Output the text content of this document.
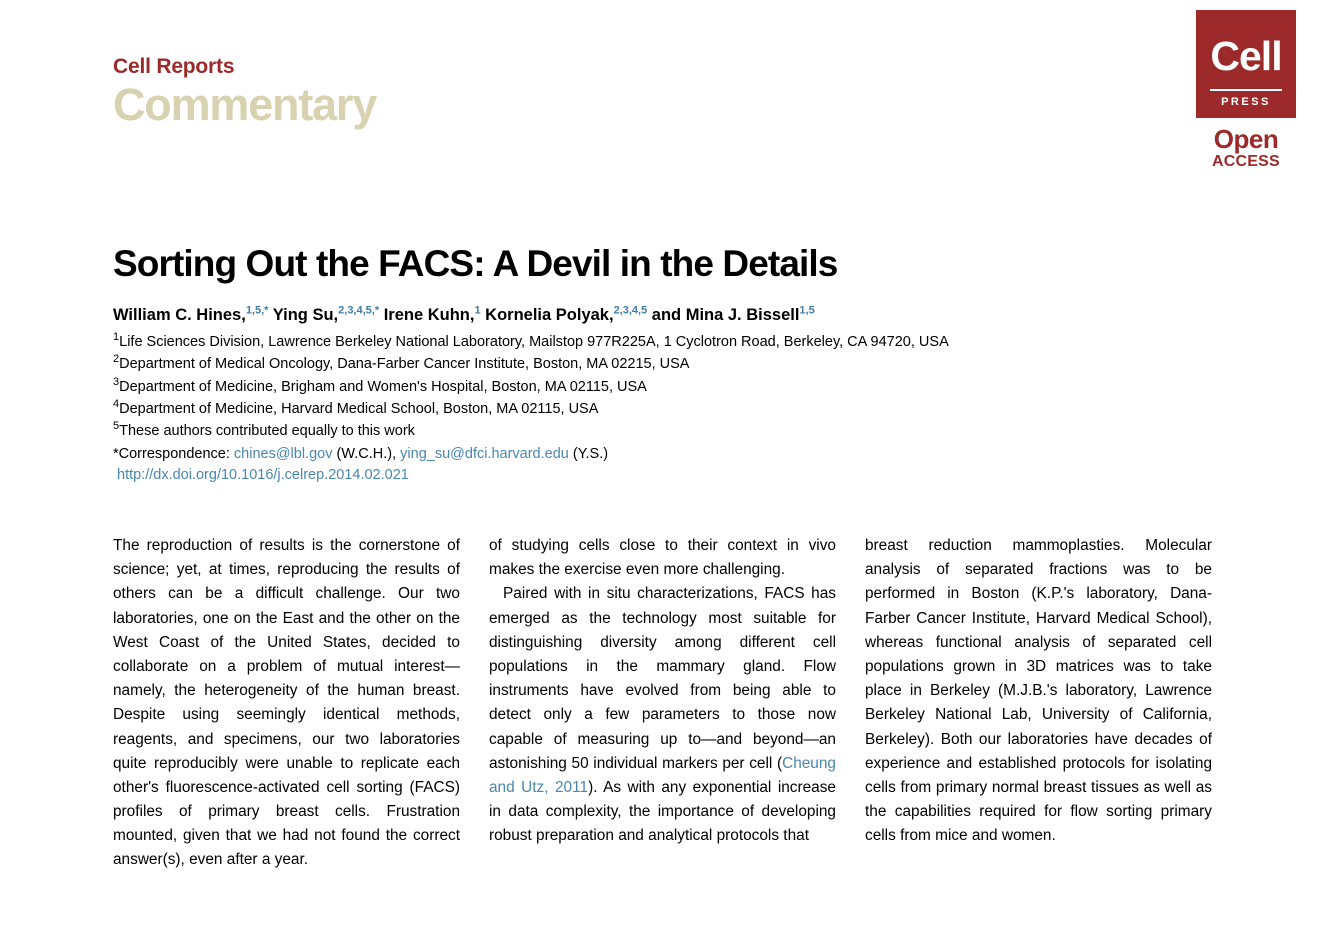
Cell Reports
Commentary
Cell
PRESS
Open
ACCESS
Sorting Out the FACS: A Devil in the Details
William C. Hines,$^{1,5,*}$ Ying Su,$^{2,3,4,5,*}$ Irene Kuhn,$^1$ Kornelia Polyak,$^{2,3,4,5}$ and Mina J. Bissell$^{1,5}$
$^1$Life Sciences Division, Lawrence Berkeley National Laboratory, Mailstop 977R225A, 1 Cyclotron Road, Berkeley, CA 94720, USA
$^2$Department of Medical Oncology, Dana-Farber Cancer Institute, Boston, MA 02215, USA
$^3$Department of Medicine, Brigham and Women's Hospital, Boston, MA 02115, USA
$^4$Department of Medicine, Harvard Medical School, Boston, MA 02115, USA
$^5$These authors contributed equally to this work
*Correspondence: chines@lbl.gov (W.C.H.), ying_su@dfci.harvard.edu (Y.S.)
http://dx.doi.org/10.1016/j.celrep.2014.02.021

The reproduction of results is the cornerstone of science; yet, at times, reproducing the results of others can be a difficult challenge. Our two laboratories, one on the East and the other on the West Coast of the United States, decided to collaborate on a problem of mutual interest—namely, the heterogeneity of the human breast. Despite using seemingly identical methods, reagents, and specimens, our two laboratories quite reproducibly were unable to replicate each other's fluorescence-activated cell sorting (FACS) profiles of primary breast cells. Frustration mounted, given that we had not found the correct answer(s), even after a year.

of studying cells close to their context in vivo makes the exercise even more challenging.

Paired with in situ characterizations, FACS has emerged as the technology most suitable for distinguishing diversity among different cell populations in the mammary gland. Flow instruments have evolved from being able to detect only a few parameters to those now capable of measuring up to—and beyond—an astonishing 50 individual markers per cell (Cheung and Utz, 2011). As with any exponential increase in data complexity, the importance of developing robust preparation and analytical protocols that

breast reduction mammoplasties. Molecular analysis of separated fractions was to be performed in Boston (K.P.'s laboratory, Dana-Farber Cancer Institute, Harvard Medical School), whereas functional analysis of separated cell populations grown in 3D matrices was to take place in Berkeley (M.J.B.'s laboratory, Lawrence Berkeley National Lab, University of California, Berkeley). Both our laboratories have decades of experience and established protocols for isolating cells from primary normal breast tissues as well as the capabilities required for flow sorting primary cells from mice and women.
